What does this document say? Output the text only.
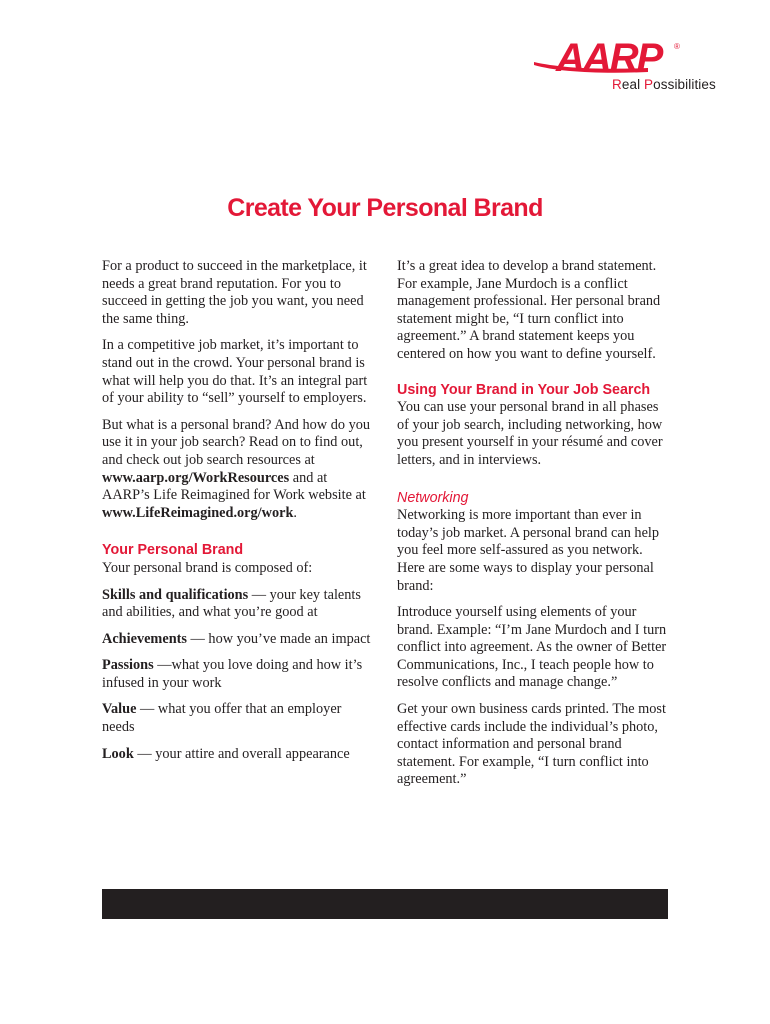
AARP ®
Real Possibilities
Create Your Personal Brand

For a product to succeed in the marketplace, it needs a great brand reputation. For you to succeed in getting the job you want, you need the same thing.

In a competitive job market, it’s important to stand out in the crowd. Your personal brand is what will help you do that. It’s an integral part of your ability to “sell” yourself to employers.

But what is a personal brand? And how do you use it in your job search? Read on to find out, and check out job search resources at www.aarp.org/WorkResources and at AARP’s Life Reimagined for Work website at www.LifeReimagined.org/work.

Your Personal Brand

Your personal brand is composed of:

Skills and qualifications — your key talents and abilities, and what you’re good at

Achievements — how you’ve made an impact

Passions —what you love doing and how it’s infused in your work

Value — what you offer that an employer needs

Look — your attire and overall appearance

It’s a great idea to develop a brand statement. For example, Jane Murdoch is a conflict management professional. Her personal brand statement might be, “I turn conflict into agreement.” A brand statement keeps you centered on how you want to define yourself.

Using Your Brand in Your Job Search

You can use your personal brand in all phases of your job search, including networking, how you present yourself in your résumé and cover letters, and in interviews.

Networking

Networking is more important than ever in today’s job market. A personal brand can help you feel more self-assured as you network. Here are some ways to display your personal brand:

Introduce yourself using elements of your brand. Example: “I’m Jane Murdoch and I turn conflict into agreement. As the owner of Better Communications, Inc., I teach people how to resolve conflicts and manage change.”

Get your own business cards printed. The most effective cards include the individual’s photo, contact information and personal brand statement. For example, “I turn conflict into agreement.”
